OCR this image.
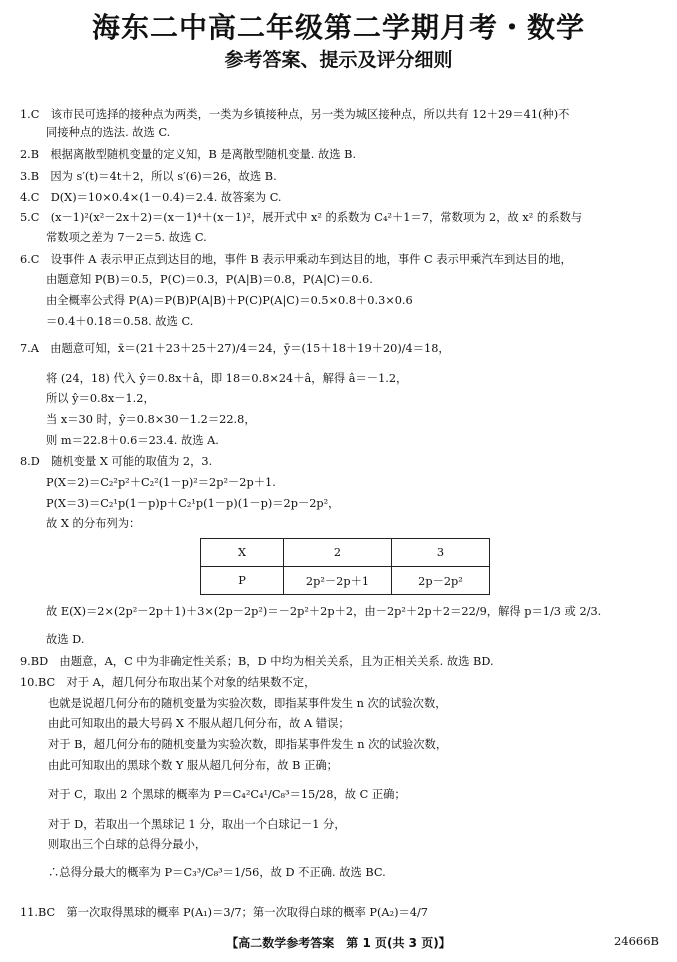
海东二中高二年级第二学期月考・数学
参考答案、提示及评分细则
1.C　该市民可选择的接种点为两类，一类为乡镇接种点，另一类为城区接种点，所以共有 12＋29＝41(种)不
同接种点的选法. 故选 C.
2.B　根据离散型随机变量的定义知，B 是离散型随机变量. 故选 B.
3.B　因为 s′(t)＝4t＋2，所以 s′(6)＝26，故选 B.
4.C　D(X)＝10×0.4×(1－0.4)＝2.4. 故答案为 C.
5.C　(x－1)²(x²－2x＋2)＝(x－1)⁴＋(x－1)²，展开式中 x² 的系数为 C₄²＋1＝7，常数项为 2，故 x² 的系数与
常数项之差为 7－2＝5. 故选 C.
6.C　设事件 A 表示甲正点到达目的地，事件 B 表示甲乘动车到达目的地，事件 C 表示甲乘汽车到达目的地，
由题意知 P(B)＝0.5，P(C)＝0.3，P(A|B)＝0.8，P(A|C)＝0.6.
由全概率公式得 P(A)＝P(B)P(A|B)＋P(C)P(A|C)＝0.5×0.8＋0.3×0.6
＝0.4＋0.18＝0.58. 故选 C.
7.A　由题意可知，x̄＝(21＋23＋25＋27)/4＝24，ȳ＝(15＋18＋19＋20)/4＝18，
将 (24，18) 代入 ŷ＝0.8x＋â，即 18＝0.8×24＋â，解得 â＝－1.2，
所以 ŷ＝0.8x－1.2，
当 x＝30 时，ŷ＝0.8×30－1.2＝22.8，
则 m＝22.8＋0.6＝23.4. 故选 A.
8.D　随机变量 X 可能的取值为 2，3.
P(X＝2)＝C₂²p²＋C₂²(1－p)²＝2p²－2p＋1.
P(X＝3)＝C₂¹p(1－p)p＋C₂¹p(1－p)(1－p)＝2p－2p²，
故 X 的分布列为：
X	2	3
P	2p²－2p＋1	2p－2p²
故 E(X)＝2×(2p²－2p＋1)＋3×(2p－2p²)＝－2p²＋2p＋2，由－2p²＋2p＋2＝22/9，解得 p＝1/3 或 2/3.
故选 D.
9.BD　由题意，A，C 中为非确定性关系；B，D 中均为相关关系，且为正相关关系. 故选 BD.
10.BC　对于 A，超几何分布取出某个对象的结果数不定，
也就是说超几何分布的随机变量为实验次数，即指某事件发生 n 次的试验次数，
由此可知取出的最大号码 X 不服从超几何分布，故 A 错误；
对于 B，超几何分布的随机变量为实验次数，即指某事件发生 n 次的试验次数，
由此可知取出的黑球个数 Y 服从超几何分布，故 B 正确；
对于 C，取出 2 个黑球的概率为 P＝C₄²C₄¹/C₈³＝15/28，故 C 正确；
对于 D，若取出一个黑球记 1 分，取出一个白球记－1 分，
则取出三个白球的总得分最小，
∴总得分最大的概率为 P＝C₃³/C₈³＝1/56，故 D 不正确. 故选 BC.
11.BC　第一次取得黑球的概率 P(A₁)＝3/7；第一次取得白球的概率 P(A₂)＝4/7
【高二数学参考答案　第 1 页(共 3 页)】	24666B
